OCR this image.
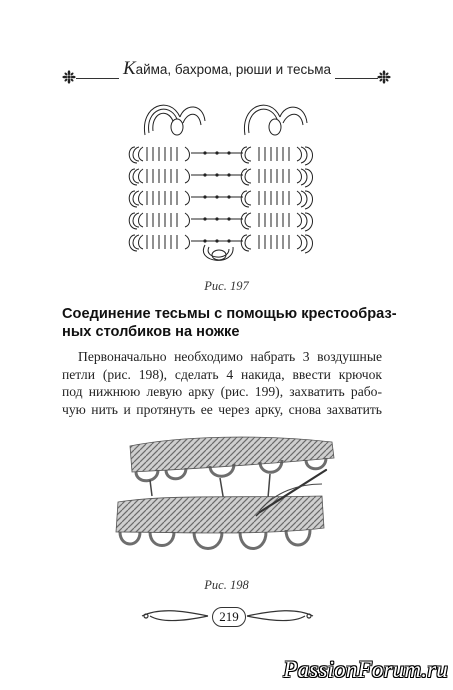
Кайма, бахрома, рюши и тесьма
Рис. 197
Соединение тесьмы с помощью крестообраз-
ных столбиков на ножке
Первоначально необходимо набрать 3 воздушные
петли (рис. 198), сделать 4 накида, ввести крючок
под нижнюю левую арку (рис. 199), захватить рабо-
чую нить и протянуть ее через арку, снова захватить
Рис. 198
219
PassionForum.ru
